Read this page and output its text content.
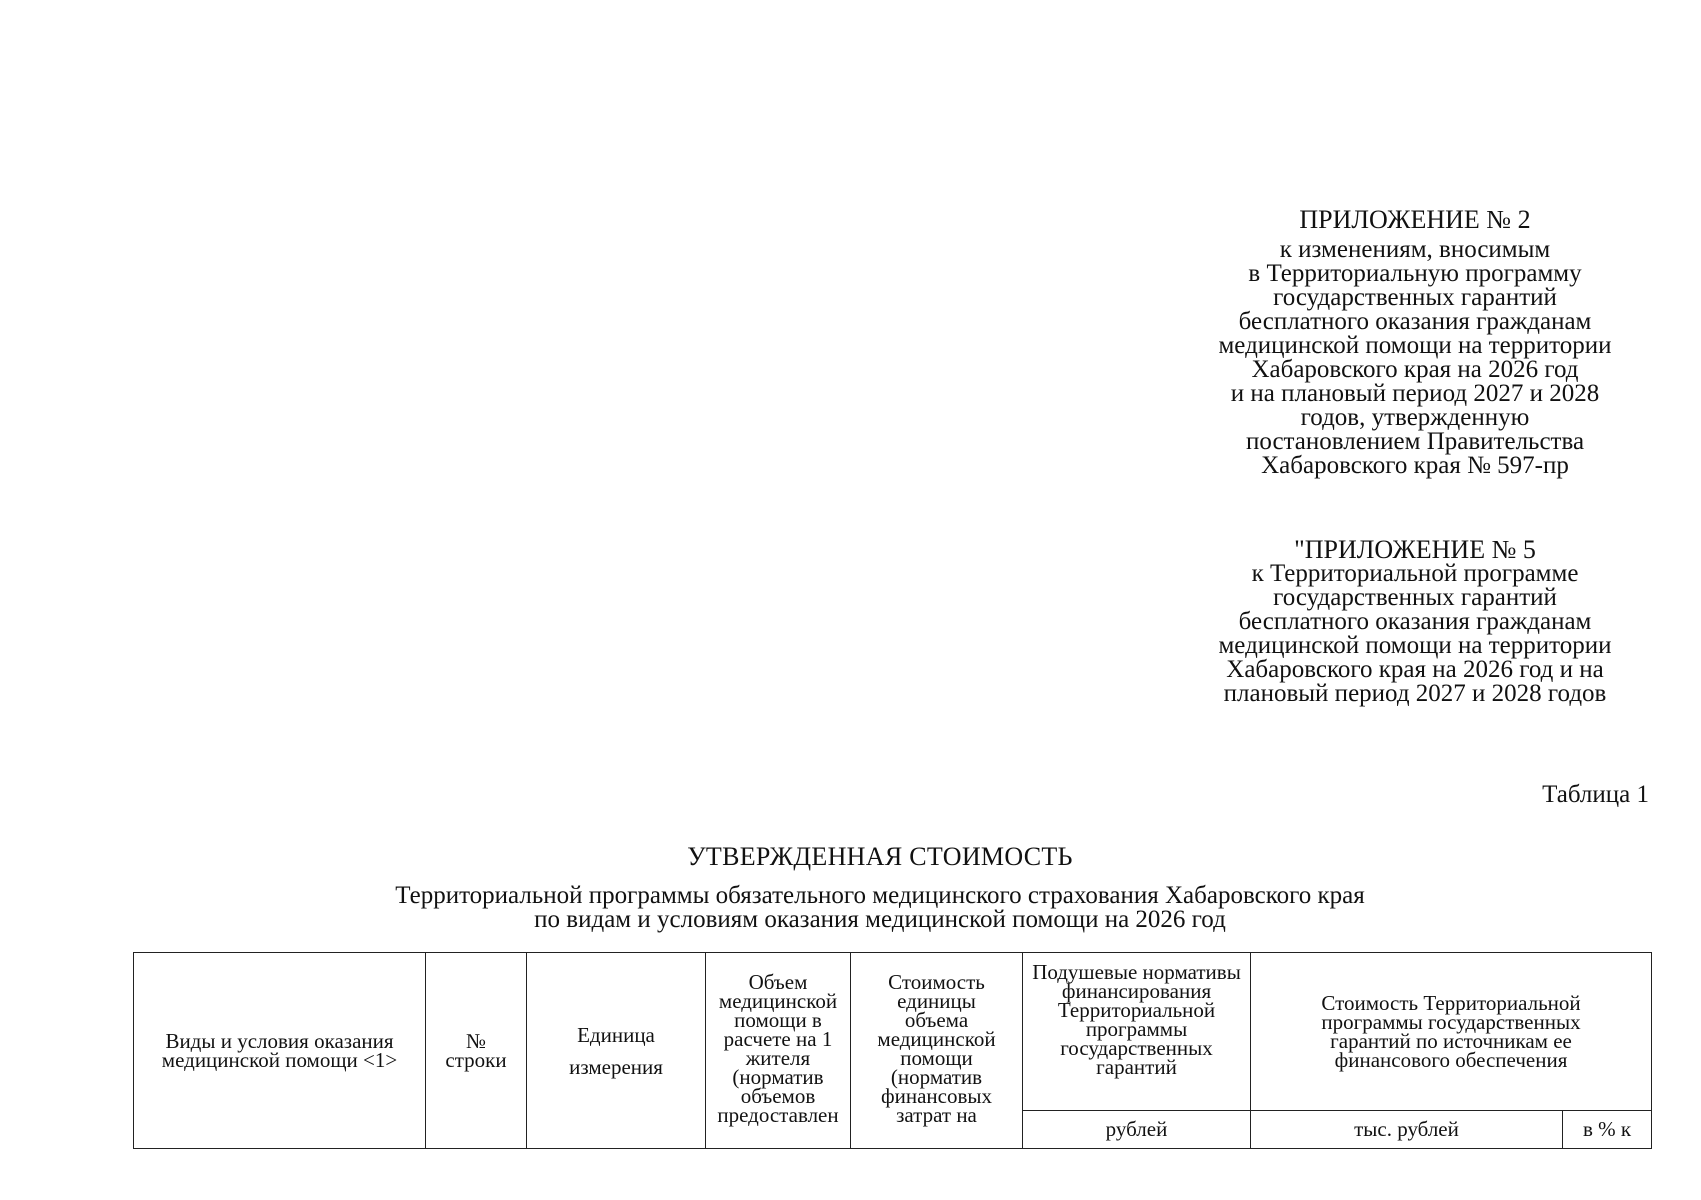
ПРИЛОЖЕНИЕ № 2
к изменениям, вносимым
в Территориальную программу
государственных гарантий
бесплатного оказания гражданам
медицинской помощи на территории
Хабаровского края на 2026 год
и на плановый период 2027 и 2028
годов, утвержденную
постановлением Правительства
Хабаровского края № 597-пр
"ПРИЛОЖЕНИЕ № 5
к Территориальной программе
государственных гарантий
бесплатного оказания гражданам
медицинской помощи на территории
Хабаровского края на 2026 год и на
плановый период 2027 и 2028 годов
Таблица 1
УТВЕРЖДЕННАЯ СТОИМОСТЬ
Территориальной программы обязательного медицинского страхования Хабаровского края
по видам и условиям оказания медицинской помощи на 2026 год
Виды и условия оказания медицинской помощи <1>	№ строки	Единица измерения	Объем медицинской помощи в расчете на 1 жителя (норматив объемов предоставлен	Стоимость единицы объема медицинской помощи (норматив финансовых затрат на	Подушевые нормативы финансирования Территориальной программы государственных гарантий	Стоимость Территориальной программы государственных гарантий по источникам ее финансового обеспечения	

					рублей	тыс. рублей	в % к
